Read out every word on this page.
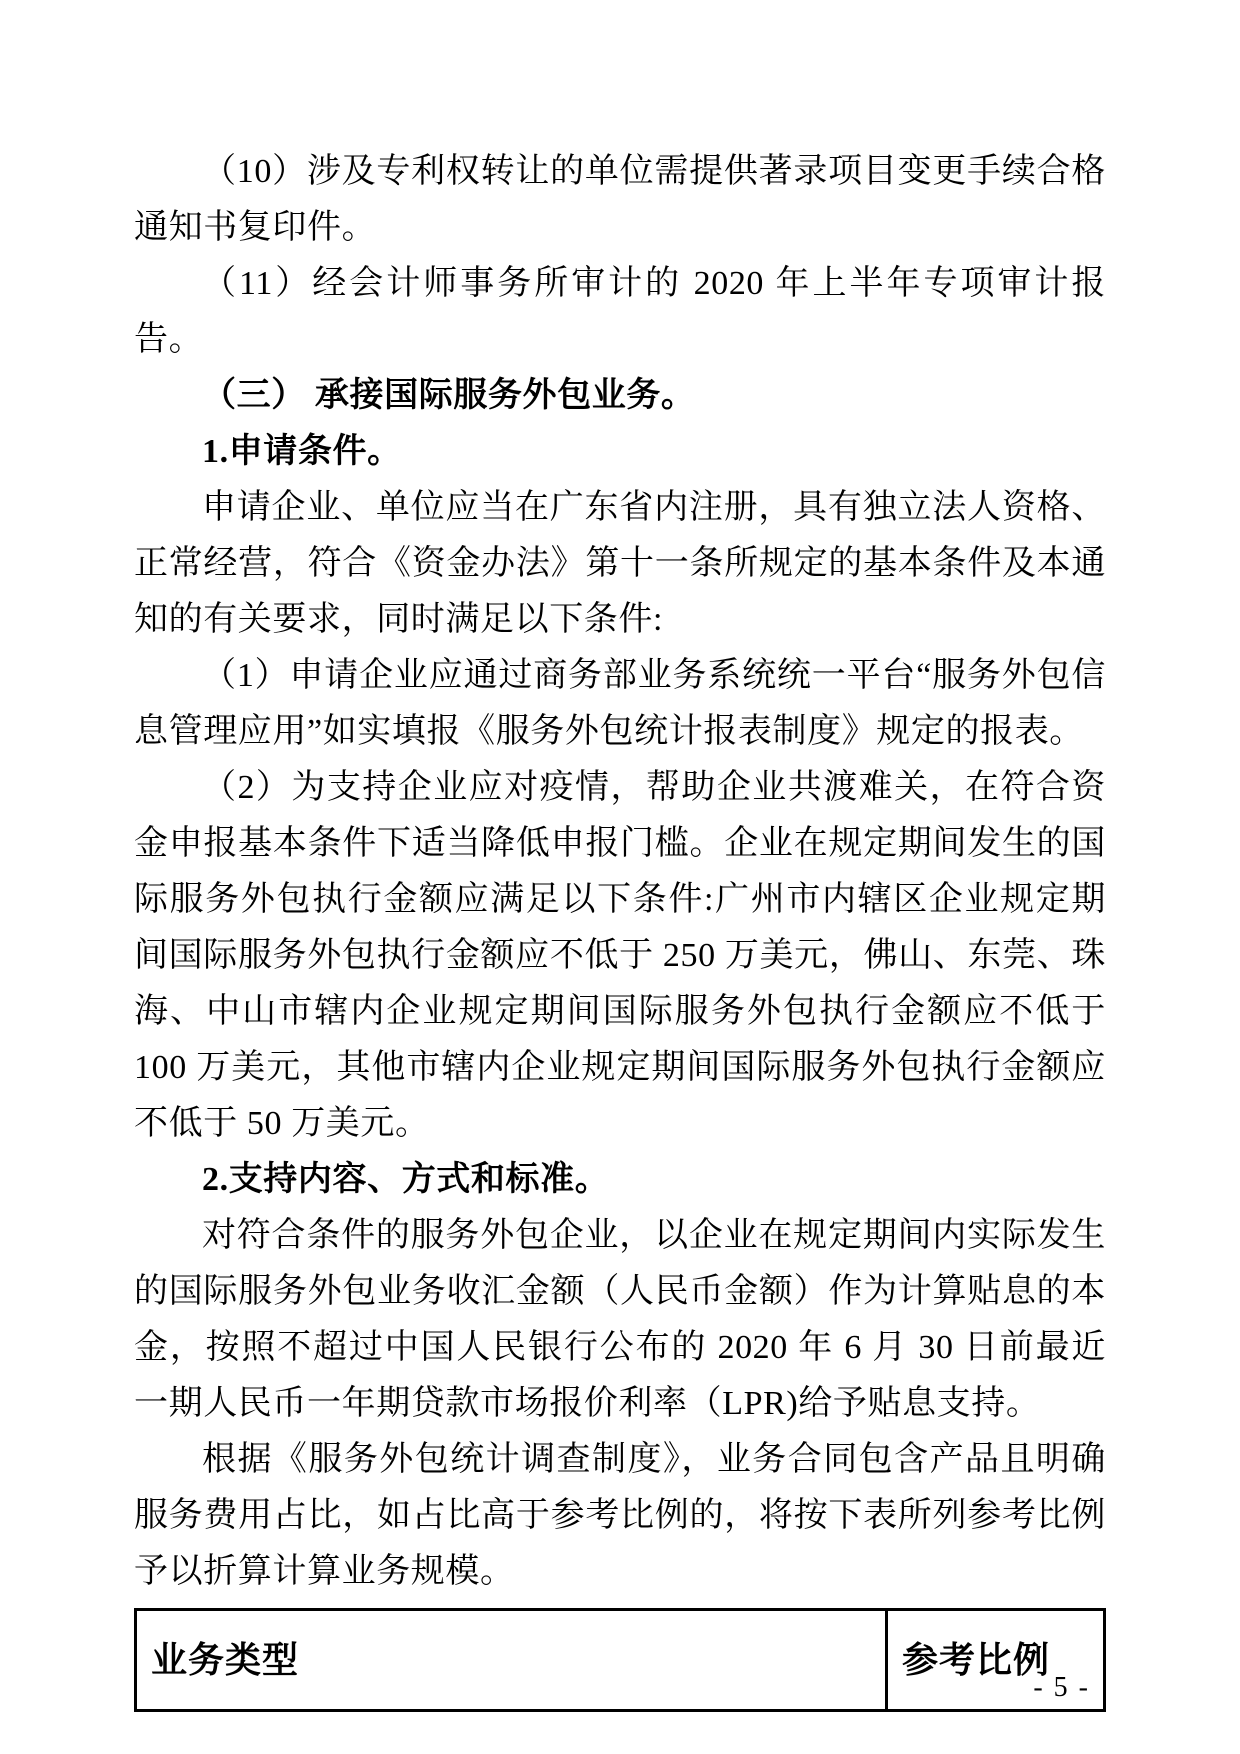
（10）涉及专利权转让的单位需提供著录项目变更手续合格通知书复印件。

（11）经会计师事务所审计的 2020 年上半年专项审计报告。

（三） 承接国际服务外包业务。

1.申请条件。

申请企业、单位应当在广东省内注册，具有独立法人资格、正常经营，符合《资金办法》第十一条所规定的基本条件及本通知的有关要求，同时满足以下条件:

（1）申请企业应通过商务部业务系统统一平台“服务外包信息管理应用”如实填报《服务外包统计报表制度》规定的报表。

（2）为支持企业应对疫情，帮助企业共渡难关，在符合资金申报基本条件下适当降低申报门槛。企业在规定期间发生的国际服务外包执行金额应满足以下条件:广州市内辖区企业规定期间国际服务外包执行金额应不低于 250 万美元，佛山、东莞、珠海、中山市辖内企业规定期间国际服务外包执行金额应不低于 100 万美元，其他市辖内企业规定期间国际服务外包执行金额应不低于 50 万美元。

2.支持内容、方式和标准。

对符合条件的服务外包企业，以企业在规定期间内实际发生的国际服务外包业务收汇金额（人民币金额）作为计算贴息的本金，按照不超过中国人民银行公布的 2020 年 6 月 30 日前最近一期人民币一年期贷款市场报价利率（LPR)给予贴息支持。

根据《服务外包统计调查制度》，业务合同包含产品且明确服务费用占比，如占比高于参考比例的，将按下表所列参考比例予以折算计算业务规模。

业务类型	参考比例
- 5 -
